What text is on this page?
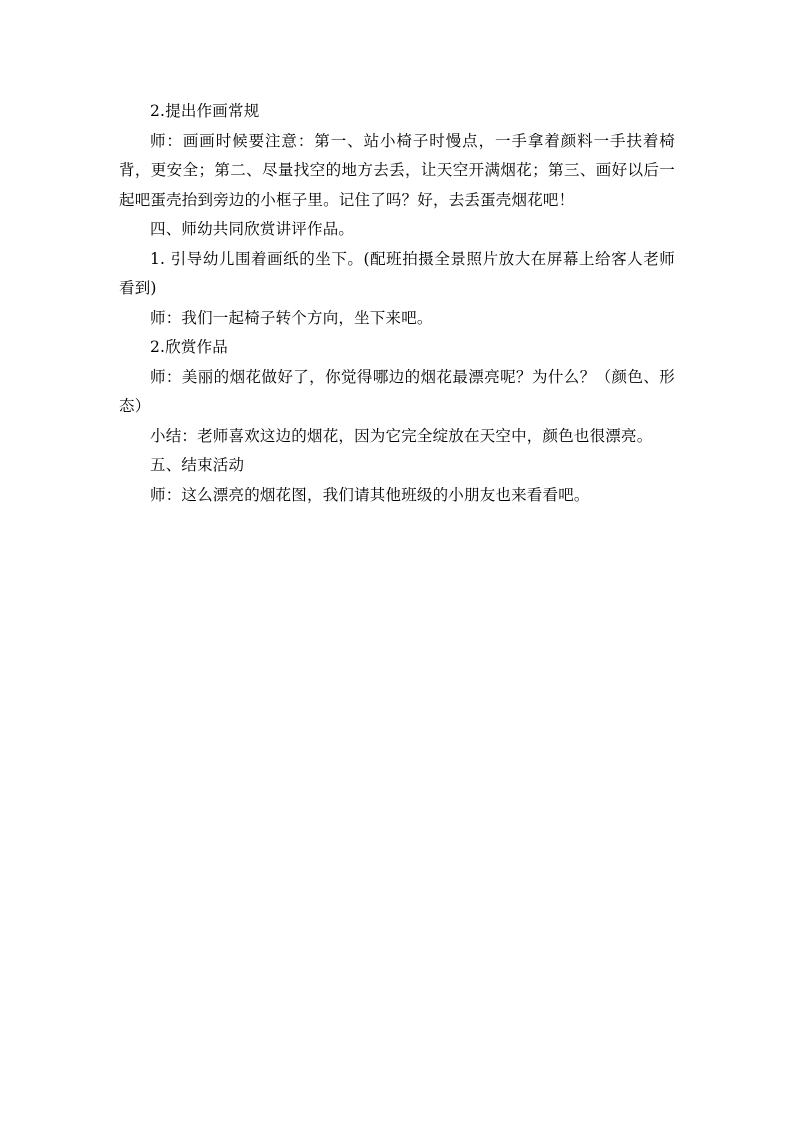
2.提出作画常规

师：画画时候要注意：第一、站小椅子时慢点，一手拿着颜料一手扶着椅背，更安全；第二、尽量找空的地方去丢，让天空开满烟花；第三、画好以后一起吧蛋壳抬到旁边的小框子里。记住了吗？好，去丢蛋壳烟花吧！

四、师幼共同欣赏讲评作品。

1. 引导幼儿围着画纸的坐下。(配班拍摄全景照片放大在屏幕上给客人老师看到)

师：我们一起椅子转个方向，坐下来吧。

2.欣赏作品

师：美丽的烟花做好了，你觉得哪边的烟花最漂亮呢？为什么？（颜色、形态）

小结：老师喜欢这边的烟花，因为它完全绽放在天空中，颜色也很漂亮。

五、结束活动

师：这么漂亮的烟花图，我们请其他班级的小朋友也来看看吧。
